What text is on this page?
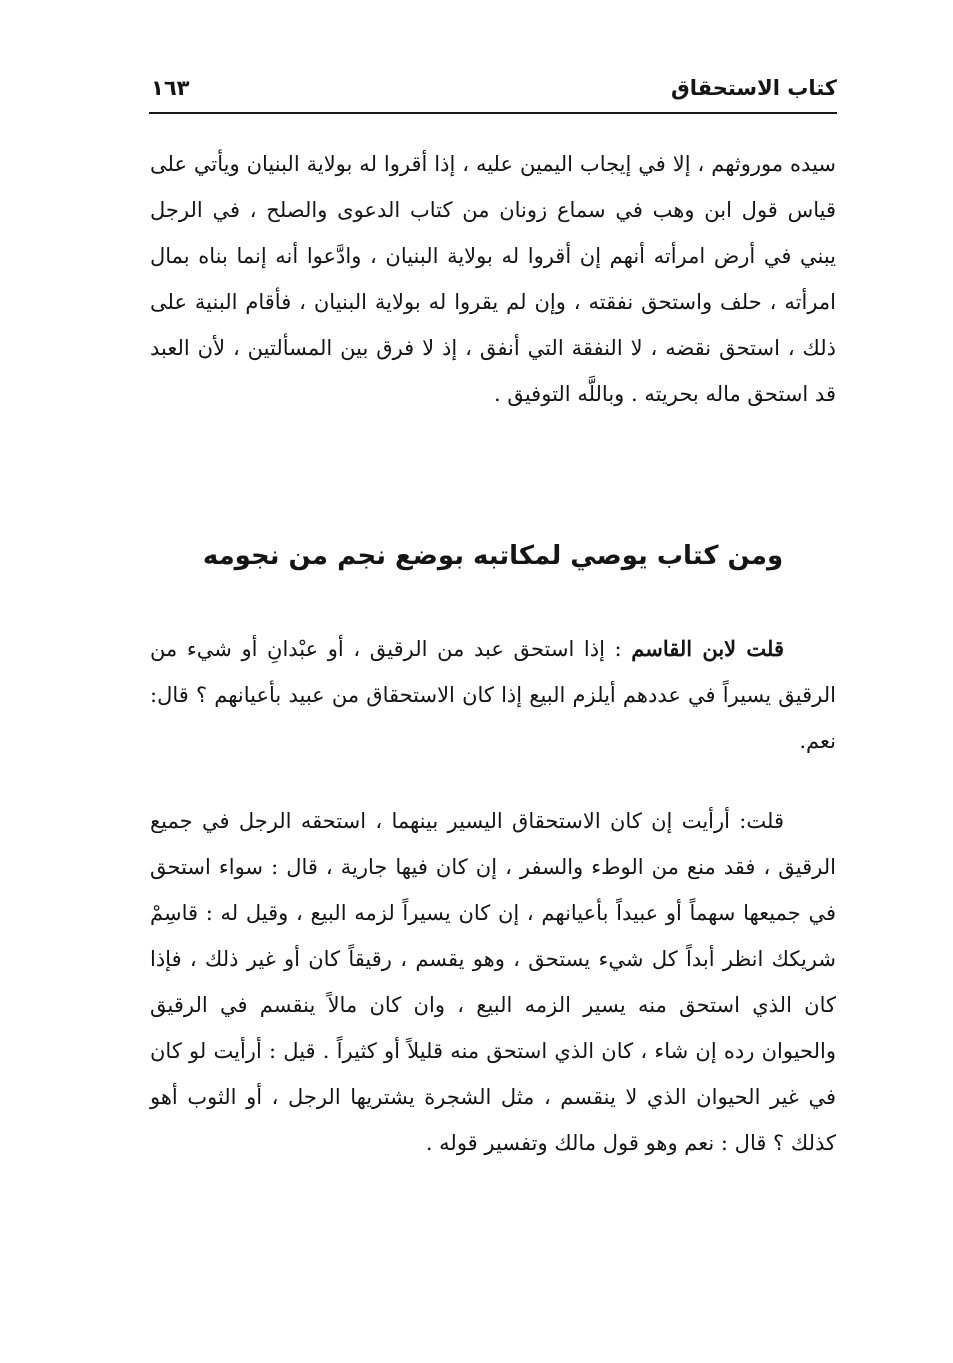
كتاب الاستحقاق
١٦٣

سيده موروثهم ، إلا في إيجاب اليمين عليه ، إذا أقروا له بولاية البنيان ويأتي على قياس قول ابن وهب في سماع زونان من كتاب الدعوى والصلح ، في الرجل يبني في أرض امرأته أنهم إن أقروا له بولاية البنيان ، وادَّعوا أنه إنما بناه بمال امرأته ، حلف واستحق نفقته ، وإن لم يقروا له بولاية البنيان ، فأقام البنية على ذلك ، استحق نقضه ، لا النفقة التي أنفق ، إذ لا فرق بين المسألتين ، لأن العبد قد استحق ماله بحريته . وباللَّه التوفيق .

ومن كتاب يوصي لمكاتبه بوضع نجم من نجومه

قلت لابن القاسم : إذا استحق عبد من الرقيق ، أو عبْدانِ أو شيء من الرقيق يسيراً في عددهم أيلزم البيع إذا كان الاستحقاق من عبيد بأعيانهم ؟ قال: نعم.

قلت: أرأيت إن كان الاستحقاق اليسير بينهما ، استحقه الرجل في جميع الرقيق ، فقد منع من الوطء والسفر ، إن كان فيها جارية ، قال : سواء استحق في جميعها سهماً أو عبيداً بأعيانهم ، إن كان يسيراً لزمه البيع ، وقيل له : قاسِمْ شريكك انظر أبداً كل شيء يستحق ، وهو يقسم ، رقيقاً كان أو غير ذلك ، فإذا كان الذي استحق منه يسير الزمه البيع ، وان كان مالاً ينقسم في الرقيق والحيوان رده إن شاء ، كان الذي استحق منه قليلاً أو كثيراً . قيل : أرأيت لو كان في غير الحيوان الذي لا ينقسم ، مثل الشجرة يشتريها الرجل ، أو الثوب أهو كذلك ؟ قال : نعم وهو قول مالك وتفسير قوله .
